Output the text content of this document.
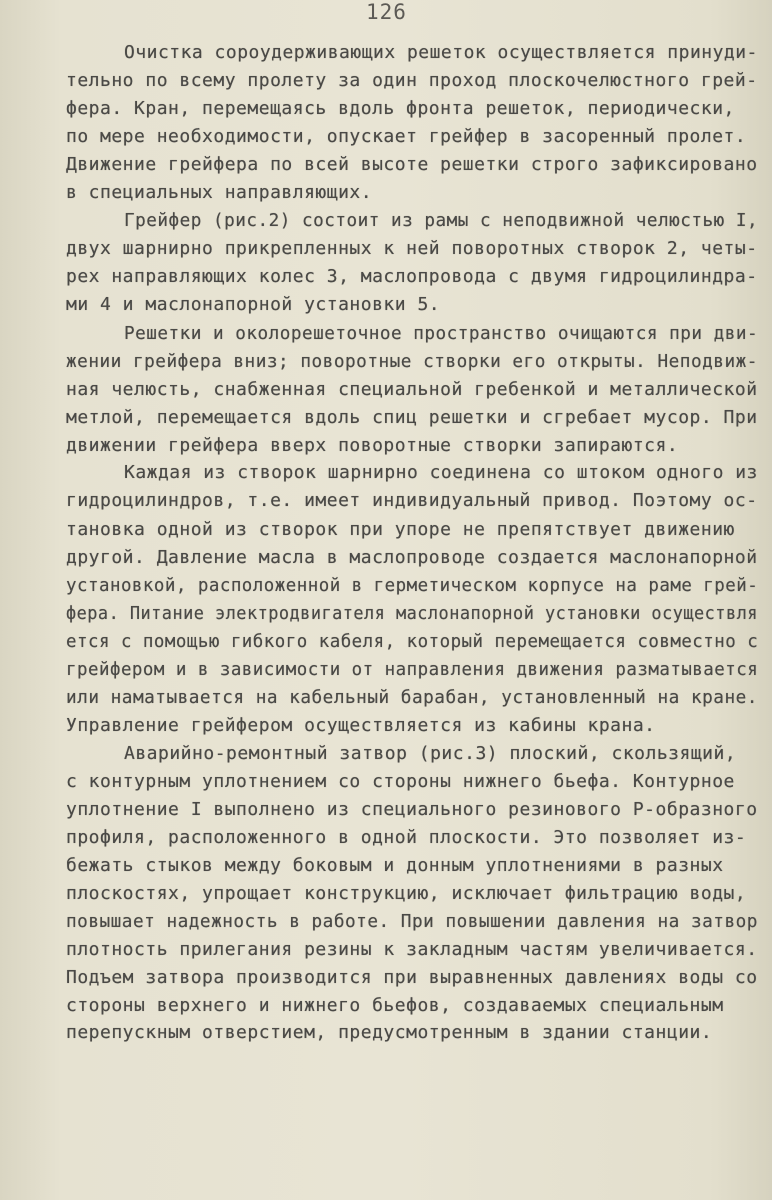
126
Очистка сороудерживающих решеток осуществляется принуди-
тельно по всему пролету за один проход плоскочелюстного грей-
фера. Кран, перемещаясь вдоль фронта решеток, периодически,
по мере необходимости, опускает грейфер в засоренный пролет.
Движение грейфера по всей высоте решетки строго зафиксировано
в специальных направляющих.
Грейфер (рис.2) состоит из рамы с неподвижной челюстью I,
двух шарнирно прикрепленных к ней поворотных створок 2, четы-
рех направляющих колес 3, маслопровода с двумя гидроцилиндра-
ми 4 и маслонапорной установки 5.
Решетки и околорешеточное пространство очищаются при дви-
жении грейфера вниз; поворотные створки его открыты. Неподвиж-
ная челюсть, снабженная специальной гребенкой и металлической
метлой, перемещается вдоль спиц решетки и сгребает мусор. При
движении грейфера вверх поворотные створки запираются.
Каждая из створок шарнирно соединена со штоком одного из
гидроцилиндров, т.е. имеет индивидуальный привод. Поэтому ос-
тановка одной из створок при упоре не препятствует движению
другой. Давление масла в маслопроводе создается маслонапорной
установкой, расположенной в герметическом корпусе на раме грей-
фера. Питание электродвигателя маслонапорной установки осуществля
ется с помощью гибкого кабеля, который перемещается совместно с
грейфером и в зависимости от направления движения разматывается
или наматывается на кабельный барабан, установленный на кране.
Управление грейфером осуществляется из кабины крана.
Аварийно-ремонтный затвор (рис.3) плоский, скользящий,
с контурным уплотнением со стороны нижнего бьефа. Контурное
уплотнение I выполнено из специального резинового Р-образного
профиля, расположенного в одной плоскости. Это позволяет из-
бежать стыков между боковым и донным уплотнениями в разных
плоскостях, упрощает конструкцию, исключает фильтрацию воды,
повышает надежность в работе. При повышении давления на затвор
плотность прилегания резины к закладным частям увеличивается.
Подъем затвора производится при выравненных давлениях воды со
стороны верхнего и нижнего бьефов, создаваемых специальным
перепускным отверстием, предусмотренным в здании станции.
